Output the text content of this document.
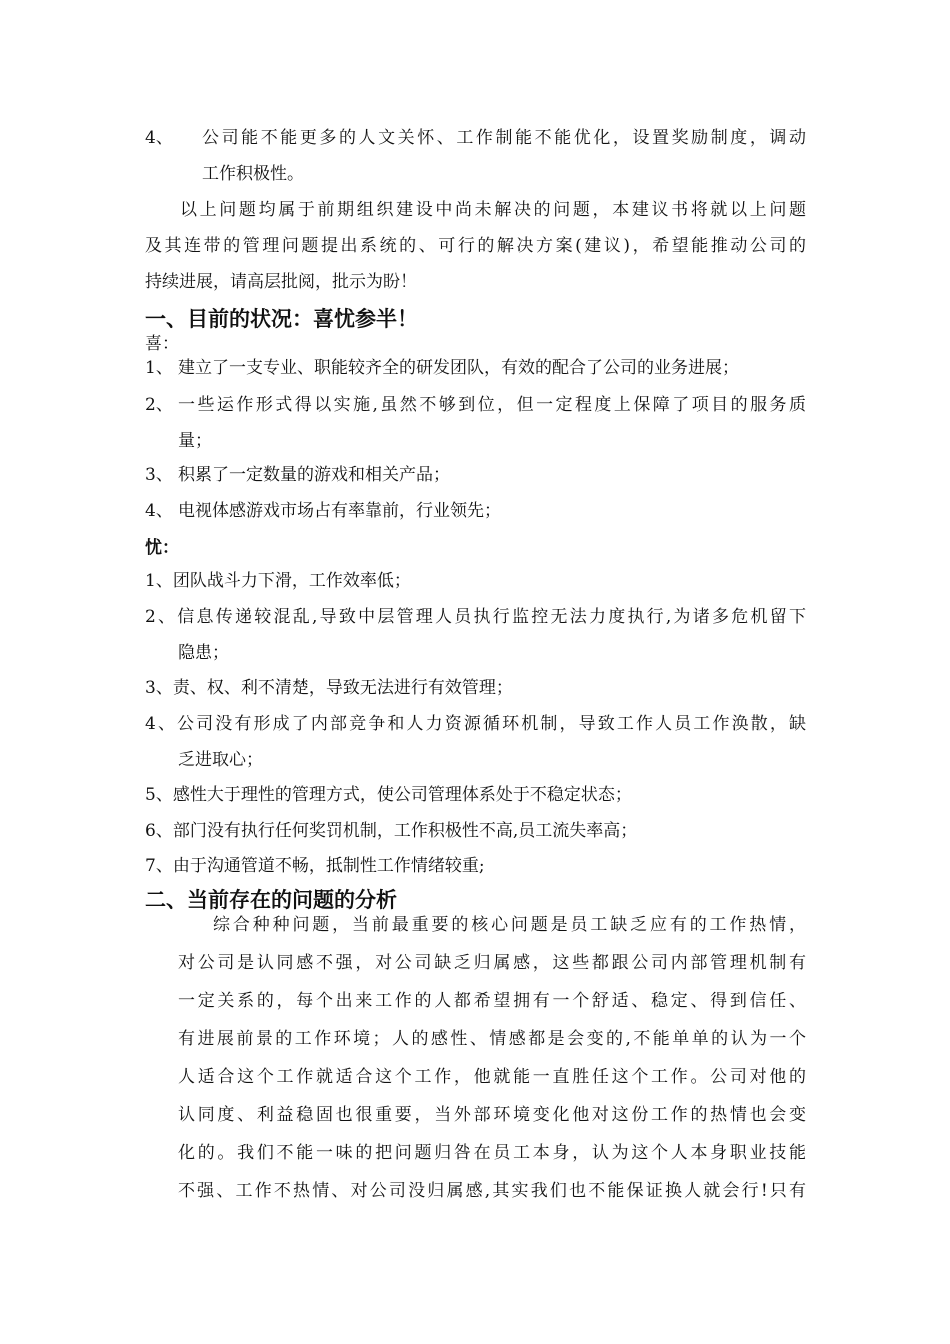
4、 公司能不能更多的人文关怀、工作制能不能优化，设置奖励制度，调动
工作积极性。
以上问题均属于前期组织建设中尚未解决的问题，本建议书将就以上问题
及其连带的管理问题提出系统的、可行的解决方案(建议)，希望能推动公司的
持续进展，请高层批阅，批示为盼！
一、目前的状况：喜忧参半！
喜：
1、 建立了一支专业、职能较齐全的研发团队，有效的配合了公司的业务进展；
2、 一些运作形式得以实施,虽然不够到位，但一定程度上保障了项目的服务质
量；
3、 积累了一定数量的游戏和相关产品；
4、 电视体感游戏市场占有率靠前，行业领先；
忧：
1、团队战斗力下滑，工作效率低；
2、信息传递较混乱,导致中层管理人员执行监控无法力度执行,为诸多危机留下
隐患；
3、责、权、利不清楚，导致无法进行有效管理；
4、公司没有形成了内部竞争和人力资源循环机制，导致工作人员工作涣散，缺
乏进取心；
5、感性大于理性的管理方式，使公司管理体系处于不稳定状态；
6、部门没有执行任何奖罚机制，工作积极性不高,员工流失率高；
7、由于沟通管道不畅，抵制性工作情绪较重;
二、当前存在的问题的分析
综合种种问题，当前最重要的核心问题是员工缺乏应有的工作热情，
对公司是认同感不强，对公司缺乏归属感，这些都跟公司内部管理机制有
一定关系的，每个出来工作的人都希望拥有一个舒适、稳定、得到信任、
有进展前景的工作环境；人的感性、情感都是会变的,不能单单的认为一个
人适合这个工作就适合这个工作，他就能一直胜任这个工作。公司对他的
认同度、利益稳固也很重要，当外部环境变化他对这份工作的热情也会变
化的。我们不能一味的把问题归咎在员工本身，认为这个人本身职业技能
不强、工作不热情、对公司没归属感,其实我们也不能保证换人就会行!只有
